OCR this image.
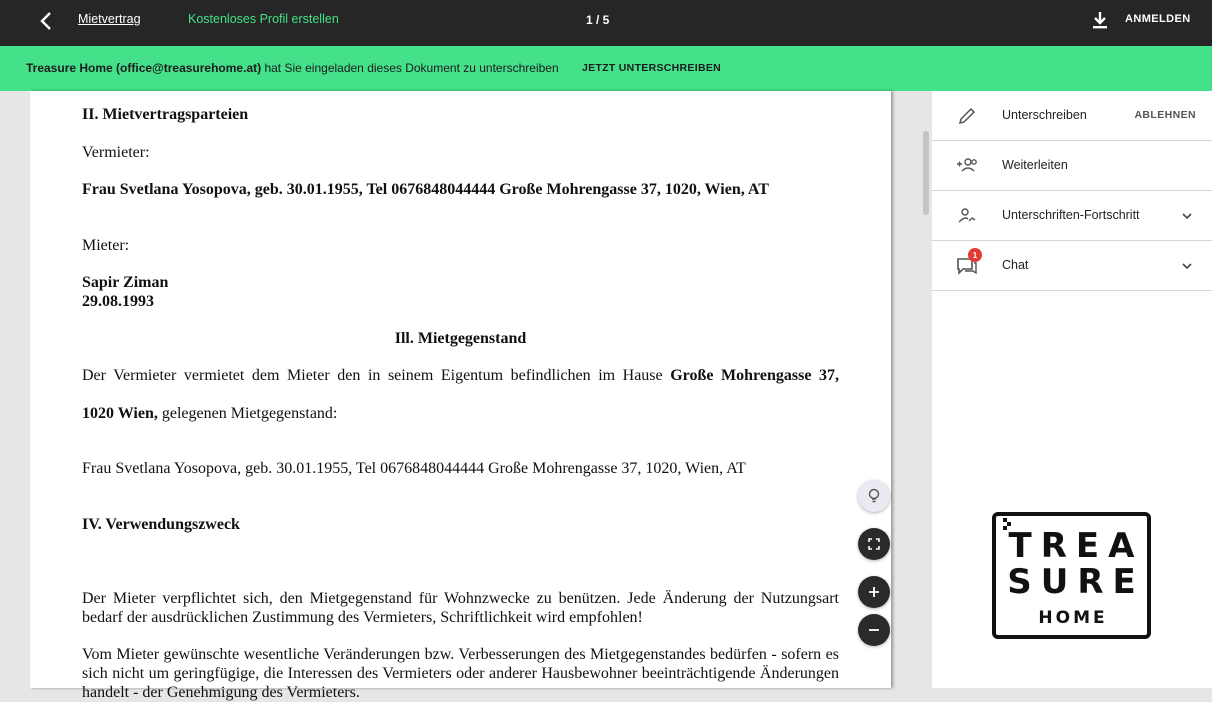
Mietvertrag	Kostenloses Profil erstellen	1 / 5	ANMELDEN
Treasure Home (office@treasurehome.at) hat Sie eingeladen dieses Dokument zu unterschreiben JETZT UNTERSCHREIBEN
II. Mietvertragsparteien
Vermieter:
Frau Svetlana Yosopova, geb. 30.01.1955, Tel 0676848044444 Große Mohrengasse 37, 1020, Wien, AT
Mieter:
Sapir Ziman
29.08.1993
Ill. Mietgegenstand
Der Vermieter vermietet dem Mieter den in seinem Eigentum befindlichen im Hause Große Mohrengasse 37,
1020 Wien, gelegenen Mietgegenstand:
Frau Svetlana Yosopova, geb. 30.01.1955, Tel 0676848044444 Große Mohrengasse 37, 1020, Wien, AT
IV. Verwendungszweck
Der Mieter verpflichtet sich, den Mietgegenstand für Wohnzwecke zu benützen. Jede Änderung der Nutzungsart bedarf der ausdrücklichen Zustimmung des Vermieters, Schriftlichkeit wird empfohlen!
Vom Mieter gewünschte wesentliche Veränderungen bzw. Verbesserungen des Mietgegenstandes bedürfen - sofern es sich nicht um geringfügige, die Interessen des Vermieters oder anderer Hausbewohner beeinträchtigende Änderungen handelt - der Genehmigung des Vermieters.
Unterschreiben	ABLEHNEN
Weiterleiten
Unterschriften-Fortschritt
1
Chat
TREA
SURE
HOME
